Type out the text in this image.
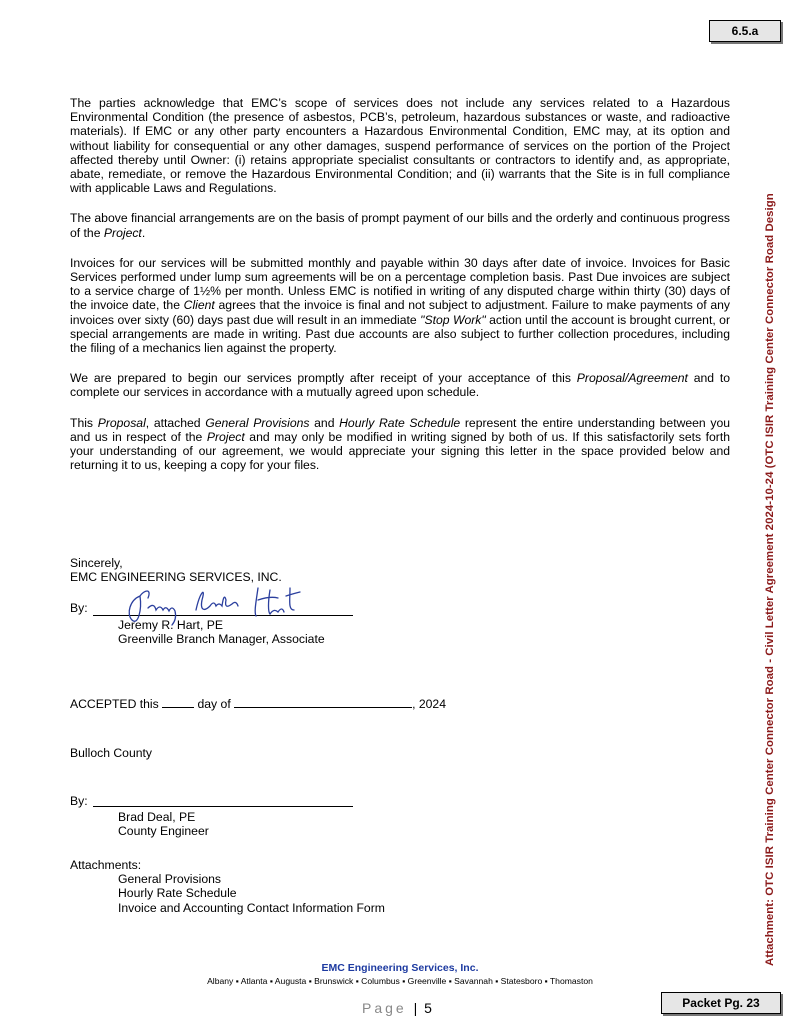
6.5.a
Attachment: OTC ISIR Training Center Connector Road - Civil Letter Agreement 2024-10-24 (OTC ISIR Training Center Connector Road Design

The parties acknowledge that EMC’s scope of services does not include any services related to a Hazardous Environmental Condition (the presence of asbestos, PCB’s, petroleum, hazardous substances or waste, and radioactive materials). If EMC or any other party encounters a Hazardous Environmental Condition, EMC may, at its option and without liability for consequential or any other damages, suspend performance of services on the portion of the Project affected thereby until Owner: (i) retains appropriate specialist consultants or contractors to identify and, as appropriate, abate, remediate, or remove the Hazardous Environmental Condition; and (ii) warrants that the Site is in full compliance with applicable Laws and Regulations.

The above financial arrangements are on the basis of prompt payment of our bills and the orderly and continuous progress of the Project.

Invoices for our services will be submitted monthly and payable within 30 days after date of invoice. Invoices for Basic Services performed under lump sum agreements will be on a percentage completion basis. Past Due invoices are subject to a service charge of 1½% per month. Unless EMC is notified in writing of any disputed charge within thirty (30) days of the invoice date, the Client agrees that the invoice is final and not subject to adjustment. Failure to make payments of any invoices over sixty (60) days past due will result in an immediate "Stop Work" action until the account is brought current, or special arrangements are made in writing. Past due accounts are also subject to further collection procedures, including the filing of a mechanics lien against the property.

We are prepared to begin our services promptly after receipt of your acceptance of this Proposal/Agreement and to complete our services in accordance with a mutually agreed upon schedule.

This Proposal, attached General Provisions and Hourly Rate Schedule represent the entire understanding between you and us in respect of the Project and may only be modified in writing signed by both of us. If this satisfactorily sets forth your understanding of our agreement, we would appreciate your signing this letter in the space provided below and returning it to us, keeping a copy for your files.

Sincerely,
EMC ENGINEERING SERVICES, INC.
By:
Jeremy R. Hart, PE
Greenville Branch Manager, Associate
ACCEPTED this	day of	, 2024
Bulloch County
By:
Brad Deal, PE
County Engineer
Attachments:
General Provisions
Hourly Rate Schedule
Invoice and Accounting Contact Information Form
EMC Engineering Services, Inc.
Albany ▪ Atlanta ▪ Augusta ▪ Brunswick ▪ Columbus ▪ Greenville ▪ Savannah ▪ Statesboro ▪ Thomaston
Page | 5	Packet Pg. 23
